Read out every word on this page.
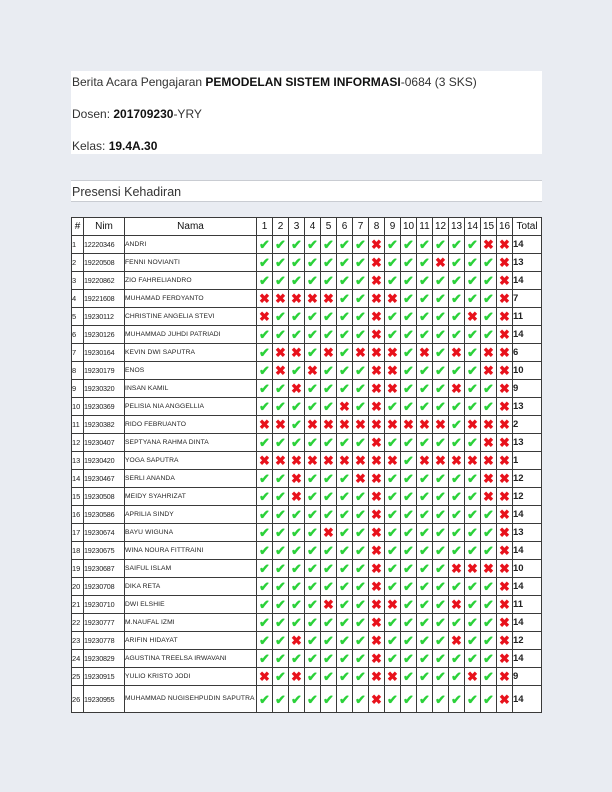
Berita Acara Pengajaran PEMODELAN SISTEM INFORMASI-0684 (3 SKS)
Dosen: 201709230-YRY
Kelas: 19.4A.30
Presensi Kehadiran
#	Nim	Nama	1	2	3	4	5	6	7	8	9	10	11	12	13	14	15	16	Total
1	12220346	ANDRI	✔	✔	✔	✔	✔	✔	✔	✖	✔	✔	✔	✔	✔	✔	✖	✖	14
2	19220508	FENNI NOVIANTI	✔	✔	✔	✔	✔	✔	✔	✖	✔	✔	✔	✖	✔	✔	✔	✖	13
3	19220862	ZIO FAHRELIANDRO	✔	✔	✔	✔	✔	✔	✔	✖	✔	✔	✔	✔	✔	✔	✔	✖	14
4	19221608	MUHAMAD FERDYANTO	✖	✖	✖	✖	✖	✔	✔	✖	✖	✔	✔	✔	✔	✔	✔	✖	7
5	19230112	CHRISTINE ANGELIA STEVI	✖	✔	✔	✔	✔	✔	✔	✖	✔	✔	✔	✔	✔	✖	✔	✖	11
6	19230126	MUHAMMAD JUHDI PATRIADI	✔	✔	✔	✔	✔	✔	✔	✖	✔	✔	✔	✔	✔	✔	✔	✖	14
7	19230164	KEVIN DWI SAPUTRA	✔	✖	✖	✔	✖	✔	✖	✖	✖	✔	✖	✔	✖	✔	✖	✖	6
8	19230179	ENOS	✔	✖	✔	✖	✔	✔	✔	✖	✖	✔	✔	✔	✔	✔	✖	✖	10
9	19230320	INSAN KAMIL	✔	✔	✖	✔	✔	✔	✔	✖	✖	✔	✔	✔	✖	✔	✔	✖	9
10	19230369	PELISIA NIA ANGGELLIA	✔	✔	✔	✔	✔	✖	✔	✖	✔	✔	✔	✔	✔	✔	✔	✖	13
11	19230382	RIDO FEBRUANTO	✖	✖	✔	✖	✖	✖	✖	✖	✖	✖	✖	✖	✔	✖	✖	✖	2
12	19230407	SEPTYANA RAHMA DINTA	✔	✔	✔	✔	✔	✔	✔	✖	✔	✔	✔	✔	✔	✔	✖	✖	13
13	19230420	YOGA SAPUTRA	✖	✖	✖	✖	✖	✖	✖	✖	✖	✔	✖	✖	✖	✖	✖	✖	1
14	19230467	SERLI ANANDA	✔	✔	✖	✔	✔	✔	✖	✖	✔	✔	✔	✔	✔	✔	✖	✖	12
15	19230508	MEIDY SYAHRIZAT	✔	✔	✖	✔	✔	✔	✔	✖	✔	✔	✔	✔	✔	✔	✖	✖	12
16	19230586	APRILIA SINDY	✔	✔	✔	✔	✔	✔	✔	✖	✔	✔	✔	✔	✔	✔	✔	✖	14
17	19230674	BAYU WIGUNA	✔	✔	✔	✔	✖	✔	✔	✖	✔	✔	✔	✔	✔	✔	✔	✖	13
18	19230675	WINA NOURA FITTRAINI	✔	✔	✔	✔	✔	✔	✔	✖	✔	✔	✔	✔	✔	✔	✔	✖	14
19	19230687	SAIFUL ISLAM	✔	✔	✔	✔	✔	✔	✔	✖	✔	✔	✔	✔	✖	✖	✖	✖	10
20	19230708	DIKA RETA	✔	✔	✔	✔	✔	✔	✔	✖	✔	✔	✔	✔	✔	✔	✔	✖	14
21	19230710	DWI ELSHIE	✔	✔	✔	✔	✖	✔	✔	✖	✖	✔	✔	✔	✖	✔	✔	✖	11
22	19230777	M.NAUFAL IZMI	✔	✔	✔	✔	✔	✔	✔	✖	✔	✔	✔	✔	✔	✔	✔	✖	14
23	19230778	ARIFIN HIDAYAT	✔	✔	✖	✔	✔	✔	✔	✖	✔	✔	✔	✔	✖	✔	✔	✖	12
24	19230829	AGUSTINA TREELSA IRWAVANI	✔	✔	✔	✔	✔	✔	✔	✖	✔	✔	✔	✔	✔	✔	✔	✖	14
25	19230915	YULIO KRISTO JODI	✖	✔	✖	✔	✔	✔	✔	✖	✖	✔	✔	✔	✔	✖	✔	✖	9
26	19230955	MUHAMMAD NUGISEHPUDIN SAPUTRA	✔	✔	✔	✔	✔	✔	✔	✖	✔	✔	✔	✔	✔	✔	✔	✖	14
